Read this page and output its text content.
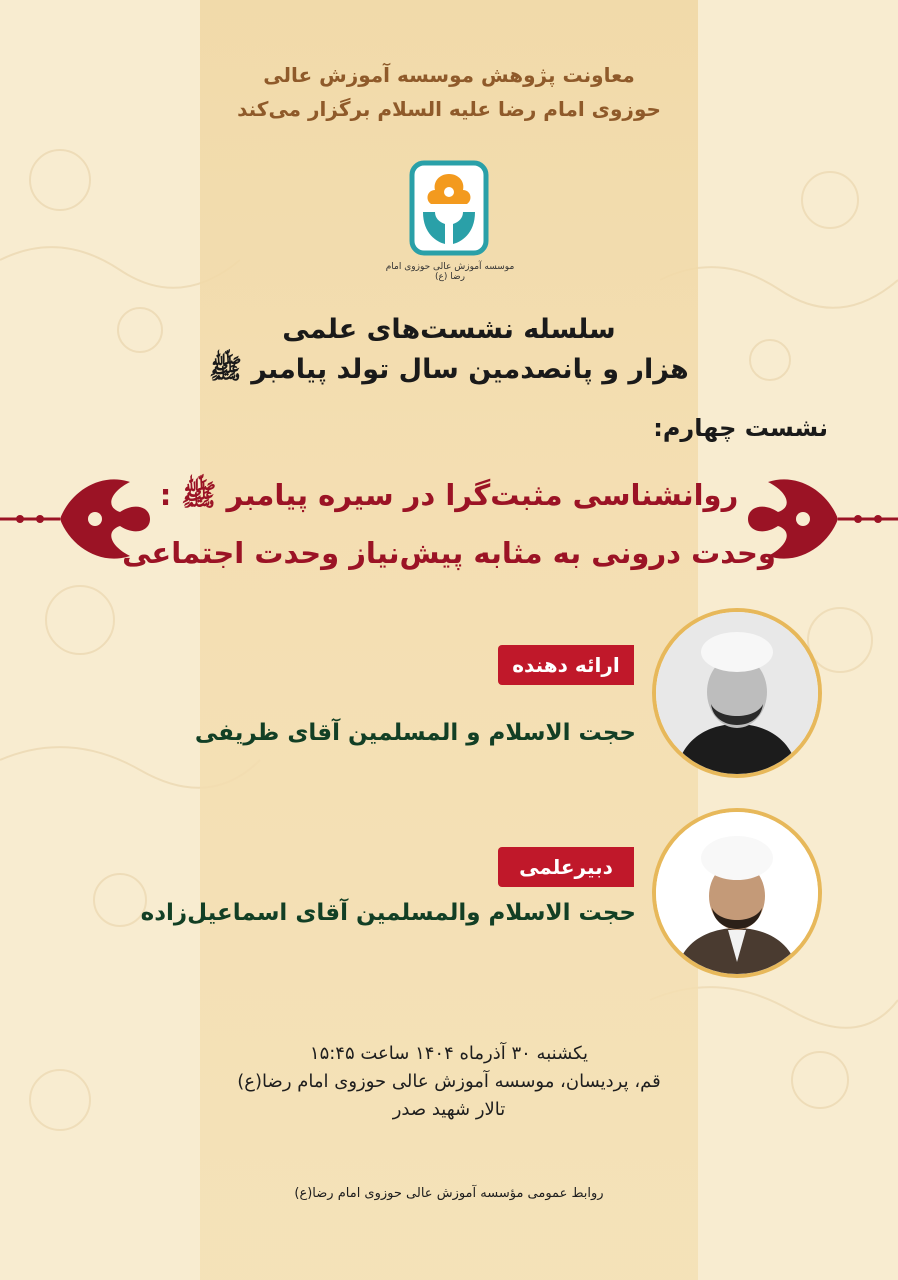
معاونت پژوهش موسسه آموزش عالی
حوزوی امام رضا علیه السلام برگزار می‌کند
موسسه آموزش عالی حوزوی امام رضا (ع)
سلسله نشست‌های علمی
هزار و پانصدمین سال تولد پیامبر ﷺ
نشست چهارم:
روانشناسی مثبت‌گرا در سیره پیامبر ﷺ :
وحدت درونی به مثابه پیش‌نیاز وحدت اجتماعی
ارائه دهنده
حجت الاسلام و المسلمین آقای ظریفی
دبیرعلمی
حجت الاسلام والمسلمین آقای اسماعیل‌زاده
یکشنبه ۳۰ آذرماه ۱۴۰۴ ساعت ۱۵:۴۵
قم، پردیسان، موسسه آموزش عالی حوزوی امام رضا(ع)
تالار شهید صدر
روابط عمومی مؤسسه آموزش عالی حوزوی امام رضا(ع)
